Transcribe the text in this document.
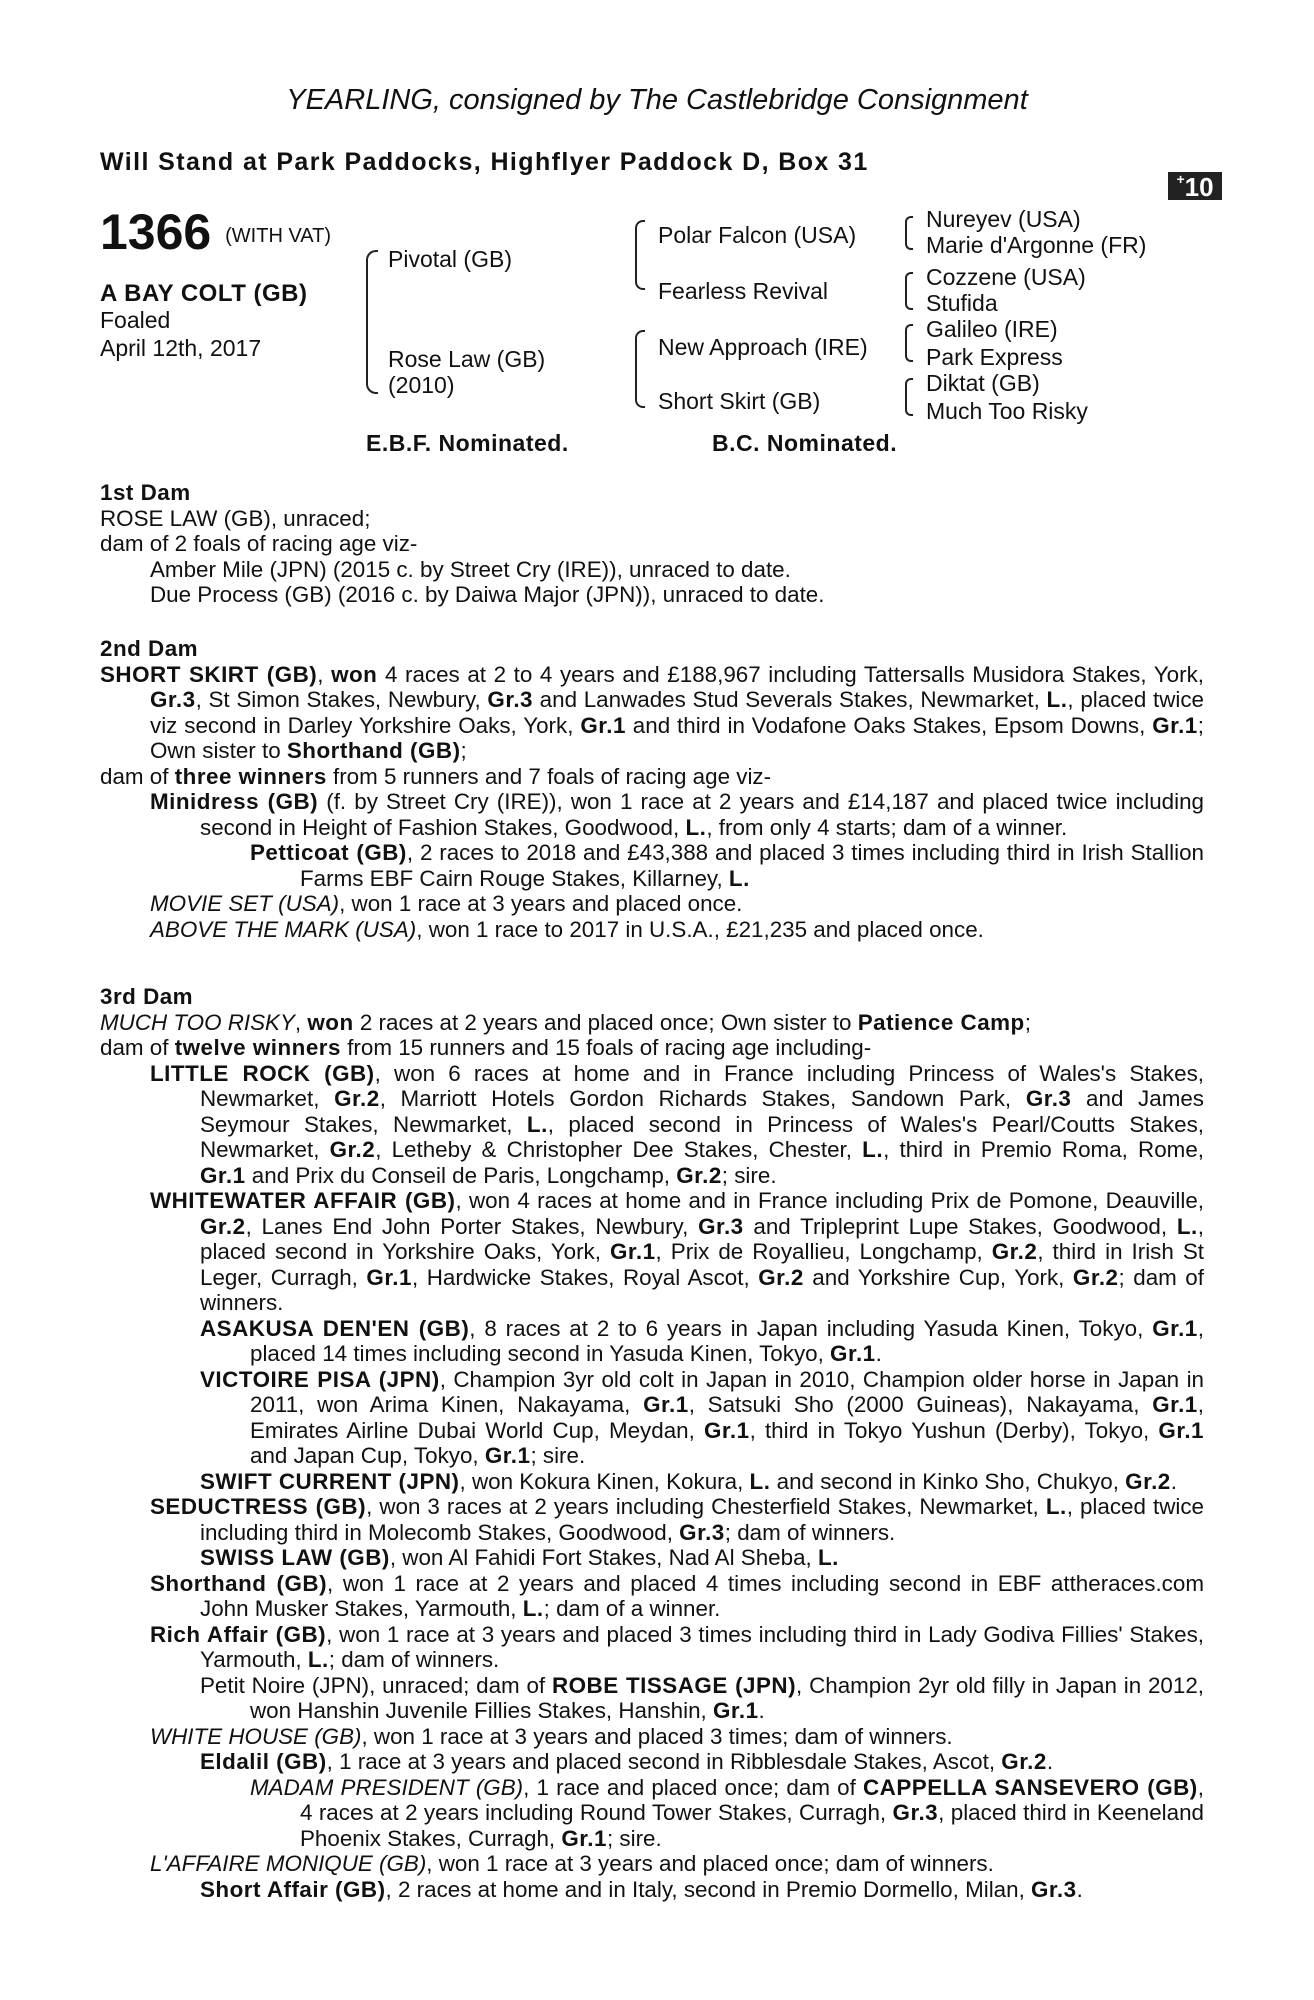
YEARLING, consigned by The Castlebridge Consignment
Will Stand at Park Paddocks, Highflyer Paddock D, Box 31
+10
1366 (WITH VAT)
A BAY COLT (GB)
Foaled
April 12th, 2017
Pivotal (GB)
Rose Law (GB)
(2010)
Polar Falcon (USA)
Fearless Revival
New Approach (IRE)
Short Skirt (GB)
Nureyev (USA)
Marie d'Argonne (FR)
Cozzene (USA)
Stufida
Galileo (IRE)
Park Express
Diktat (GB)
Much Too Risky
E.B.F. Nominated.	B.C. Nominated.

1st Dam

ROSE LAW (GB), unraced;

dam of 2 foals of racing age viz-

Amber Mile (JPN) (2015 c. by Street Cry (IRE)), unraced to date.

Due Process (GB) (2016 c. by Daiwa Major (JPN)), unraced to date.

2nd Dam

SHORT SKIRT (GB), won 4 races at 2 to 4 years and £188,967 including Tattersalls Musidora Stakes, York, Gr.3, St Simon Stakes, Newbury, Gr.3 and Lanwades Stud Severals Stakes, Newmarket, L., placed twice viz second in Darley Yorkshire Oaks, York, Gr.1 and third in Vodafone Oaks Stakes, Epsom Downs, Gr.1; Own sister to Shorthand (GB);

dam of three winners from 5 runners and 7 foals of racing age viz-

Minidress (GB) (f. by Street Cry (IRE)), won 1 race at 2 years and £14,187 and placed twice including second in Height of Fashion Stakes, Goodwood, L., from only 4 starts; dam of a winner.

Petticoat (GB), 2 races to 2018 and £43,388 and placed 3 times including third in Irish Stallion Farms EBF Cairn Rouge Stakes, Killarney, L.

MOVIE SET (USA), won 1 race at 3 years and placed once.

ABOVE THE MARK (USA), won 1 race to 2017 in U.S.A., £21,235 and placed once.

3rd Dam

MUCH TOO RISKY, won 2 races at 2 years and placed once; Own sister to Patience Camp;

dam of twelve winners from 15 runners and 15 foals of racing age including-

LITTLE ROCK (GB), won 6 races at home and in France including Princess of Wales's Stakes, Newmarket, Gr.2, Marriott Hotels Gordon Richards Stakes, Sandown Park, Gr.3 and James Seymour Stakes, Newmarket, L., placed second in Princess of Wales's Pearl/Coutts Stakes, Newmarket, Gr.2, Letheby & Christopher Dee Stakes, Chester, L., third in Premio Roma, Rome, Gr.1 and Prix du Conseil de Paris, Longchamp, Gr.2; sire.

WHITEWATER AFFAIR (GB), won 4 races at home and in France including Prix de Pomone, Deauville, Gr.2, Lanes End John Porter Stakes, Newbury, Gr.3 and Tripleprint Lupe Stakes, Goodwood, L., placed second in Yorkshire Oaks, York, Gr.1, Prix de Royallieu, Longchamp, Gr.2, third in Irish St Leger, Curragh, Gr.1, Hardwicke Stakes, Royal Ascot, Gr.2 and Yorkshire Cup, York, Gr.2; dam of winners.

ASAKUSA DEN'EN (GB), 8 races at 2 to 6 years in Japan including Yasuda Kinen, Tokyo, Gr.1, placed 14 times including second in Yasuda Kinen, Tokyo, Gr.1.

VICTOIRE PISA (JPN), Champion 3yr old colt in Japan in 2010, Champion older horse in Japan in 2011, won Arima Kinen, Nakayama, Gr.1, Satsuki Sho (2000 Guineas), Nakayama, Gr.1, Emirates Airline Dubai World Cup, Meydan, Gr.1, third in Tokyo Yushun (Derby), Tokyo, Gr.1 and Japan Cup, Tokyo, Gr.1; sire.

SWIFT CURRENT (JPN), won Kokura Kinen, Kokura, L. and second in Kinko Sho, Chukyo, Gr.2.

SEDUCTRESS (GB), won 3 races at 2 years including Chesterfield Stakes, Newmarket, L., placed twice including third in Molecomb Stakes, Goodwood, Gr.3; dam of winners.

SWISS LAW (GB), won Al Fahidi Fort Stakes, Nad Al Sheba, L.

Shorthand (GB), won 1 race at 2 years and placed 4 times including second in EBF attheraces.com John Musker Stakes, Yarmouth, L.; dam of a winner.

Rich Affair (GB), won 1 race at 3 years and placed 3 times including third in Lady Godiva Fillies' Stakes, Yarmouth, L.; dam of winners.

Petit Noire (JPN), unraced; dam of ROBE TISSAGE (JPN), Champion 2yr old filly in Japan in 2012, won Hanshin Juvenile Fillies Stakes, Hanshin, Gr.1.

WHITE HOUSE (GB), won 1 race at 3 years and placed 3 times; dam of winners.

Eldalil (GB), 1 race at 3 years and placed second in Ribblesdale Stakes, Ascot, Gr.2.

MADAM PRESIDENT (GB), 1 race and placed once; dam of CAPPELLA SANSEVERO (GB), 4 races at 2 years including Round Tower Stakes, Curragh, Gr.3, placed third in Keeneland Phoenix Stakes, Curragh, Gr.1; sire.

L'AFFAIRE MONIQUE (GB), won 1 race at 3 years and placed once; dam of winners.

Short Affair (GB), 2 races at home and in Italy, second in Premio Dormello, Milan, Gr.3.
